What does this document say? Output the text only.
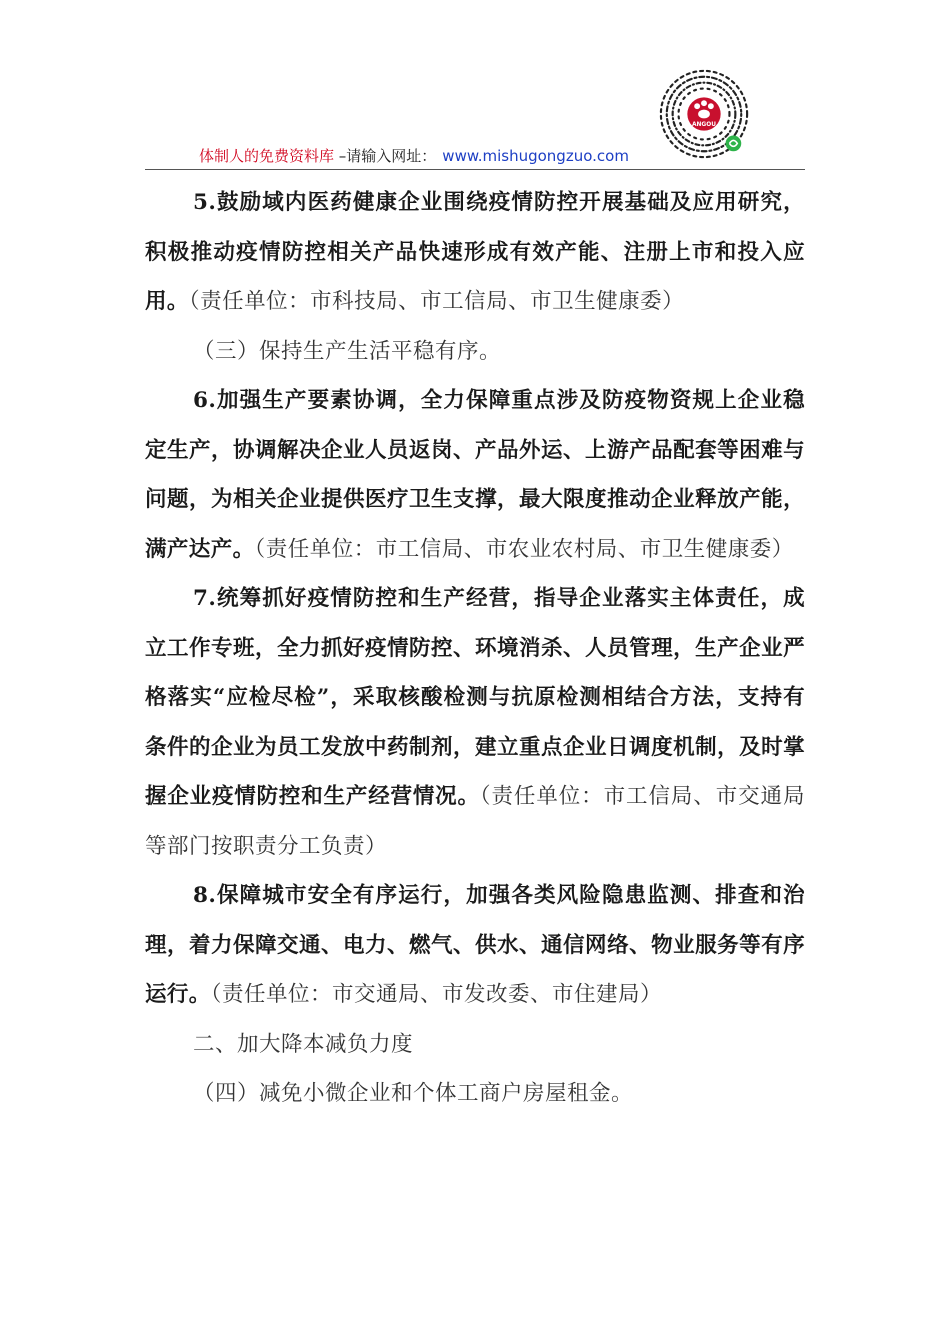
ANGOU
体制人的免费资料库 –请输入网址： www.mishugongzuo.com

5.鼓励域内医药健康企业围绕疫情防控开展基础及应用研究，积极推动疫情防控相关产品快速形成有效产能、注册上市和投入应用。（责任单位：市科技局、市工信局、市卫生健康委）

（三）保持生产生活平稳有序。

6.加强生产要素协调，全力保障重点涉及防疫物资规上企业稳定生产，协调解决企业人员返岗、产品外运、上游产品配套等困难与问题，为相关企业提供医疗卫生支撑，最大限度推动企业释放产能，满产达产。（责任单位：市工信局、市农业农村局、市卫生健康委）

7.统筹抓好疫情防控和生产经营，指导企业落实主体责任，成立工作专班，全力抓好疫情防控、环境消杀、人员管理，生产企业严格落实“应检尽检”，采取核酸检测与抗原检测相结合方法，支持有条件的企业为员工发放中药制剂，建立重点企业日调度机制，及时掌握企业疫情防控和生产经营情况。（责任单位：市工信局、市交通局等部门按职责分工负责）

8.保障城市安全有序运行，加强各类风险隐患监测、排查和治理，着力保障交通、电力、燃气、供水、通信网络、物业服务等有序运行。（责任单位：市交通局、市发改委、市住建局）

二、加大降本减负力度

（四）减免小微企业和个体工商户房屋租金。
